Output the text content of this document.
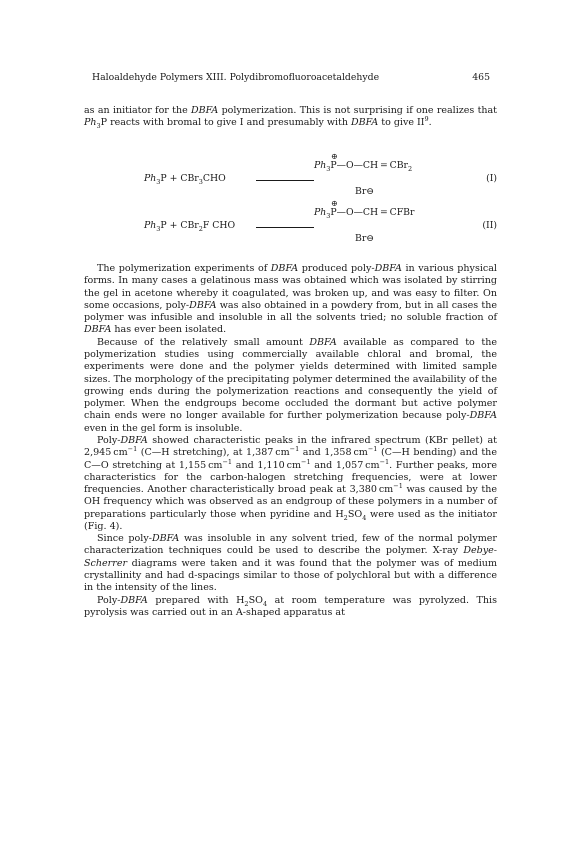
Haloaldehyde Polymers XIII. Polydibromofluoroacetaldehyde	465
as an initiator for the DBFA polymerization. This is not surprising if one realizes that $Ph_3P$ reacts with bromal to give I and presumably with DBFA to give $II^9$.
$Ph_3P + CBr_3CHO$
⊕
$Ph_3P—O—CH = CBr_2$
Br⊖
(I)
$Ph_3P + CBr_2F$ CHO
⊕
$Ph_3P—O—CH$ = CFBr
Br⊖
(II)

The polymerization experiments of DBFA produced poly-DBFA in various physical forms. In many cases a gelatinous mass was obtained which was isolated by stirring the gel in acetone whereby it coagulated, was broken up, and was easy to filter. On some occasions, poly-DBFA was also obtained in a powdery from, but in all cases the polymer was infusible and insoluble in all the solvents tried; no soluble fraction of DBFA has ever been isolated.

Because of the relatively small amount DBFA available as compared to the polymerization studies using commercially available chloral and bromal, the experiments were done and the polymer yields determined with limited sample sizes. The morphology of the precipitating polymer determined the availability of the growing ends during the polymerization reactions and consequently the yield of polymer. When the endgroups become occluded the dormant but active polymer chain ends were no longer available for further polymerization because poly-DBFA even in the gel form is insoluble.

Poly-DBFA showed characteristic peaks in the infrared spectrum (KBr pellet) at 2,945 $cm^{-1}$ (C—H stretching), at 1,387 $cm^{-1}$ and 1,358 $cm^{-1}$ (C—H bending) and the C—O stretching at 1,155 $cm^{-1}$ and 1,110 $cm^{-1}$ and 1,057 $cm^{-1}$. Further peaks, more characteristics for the carbon-halogen stretching frequencies, were at lower frequencies. Another characteristically broad peak at 3,380 $cm^{-1}$ was caused by the OH frequency which was observed as an endgroup of these polymers in a number of preparations particularly those when pyridine and $H_2SO_4$ were used as the initiator (Fig. 4).

Since poly-DBFA was insoluble in any solvent tried, few of the normal polymer characterization techniques could be used to describe the polymer. X-ray Debye-Scherrer diagrams were taken and it was found that the polymer was of medium crystallinity and had d-spacings similar to those of polychloral but with a difference in the intensity of the lines.

Poly-DBFA prepared with $H_2SO_4$ at room temperature was pyrolyzed. This pyrolysis was carried out in an A-shaped apparatus at
